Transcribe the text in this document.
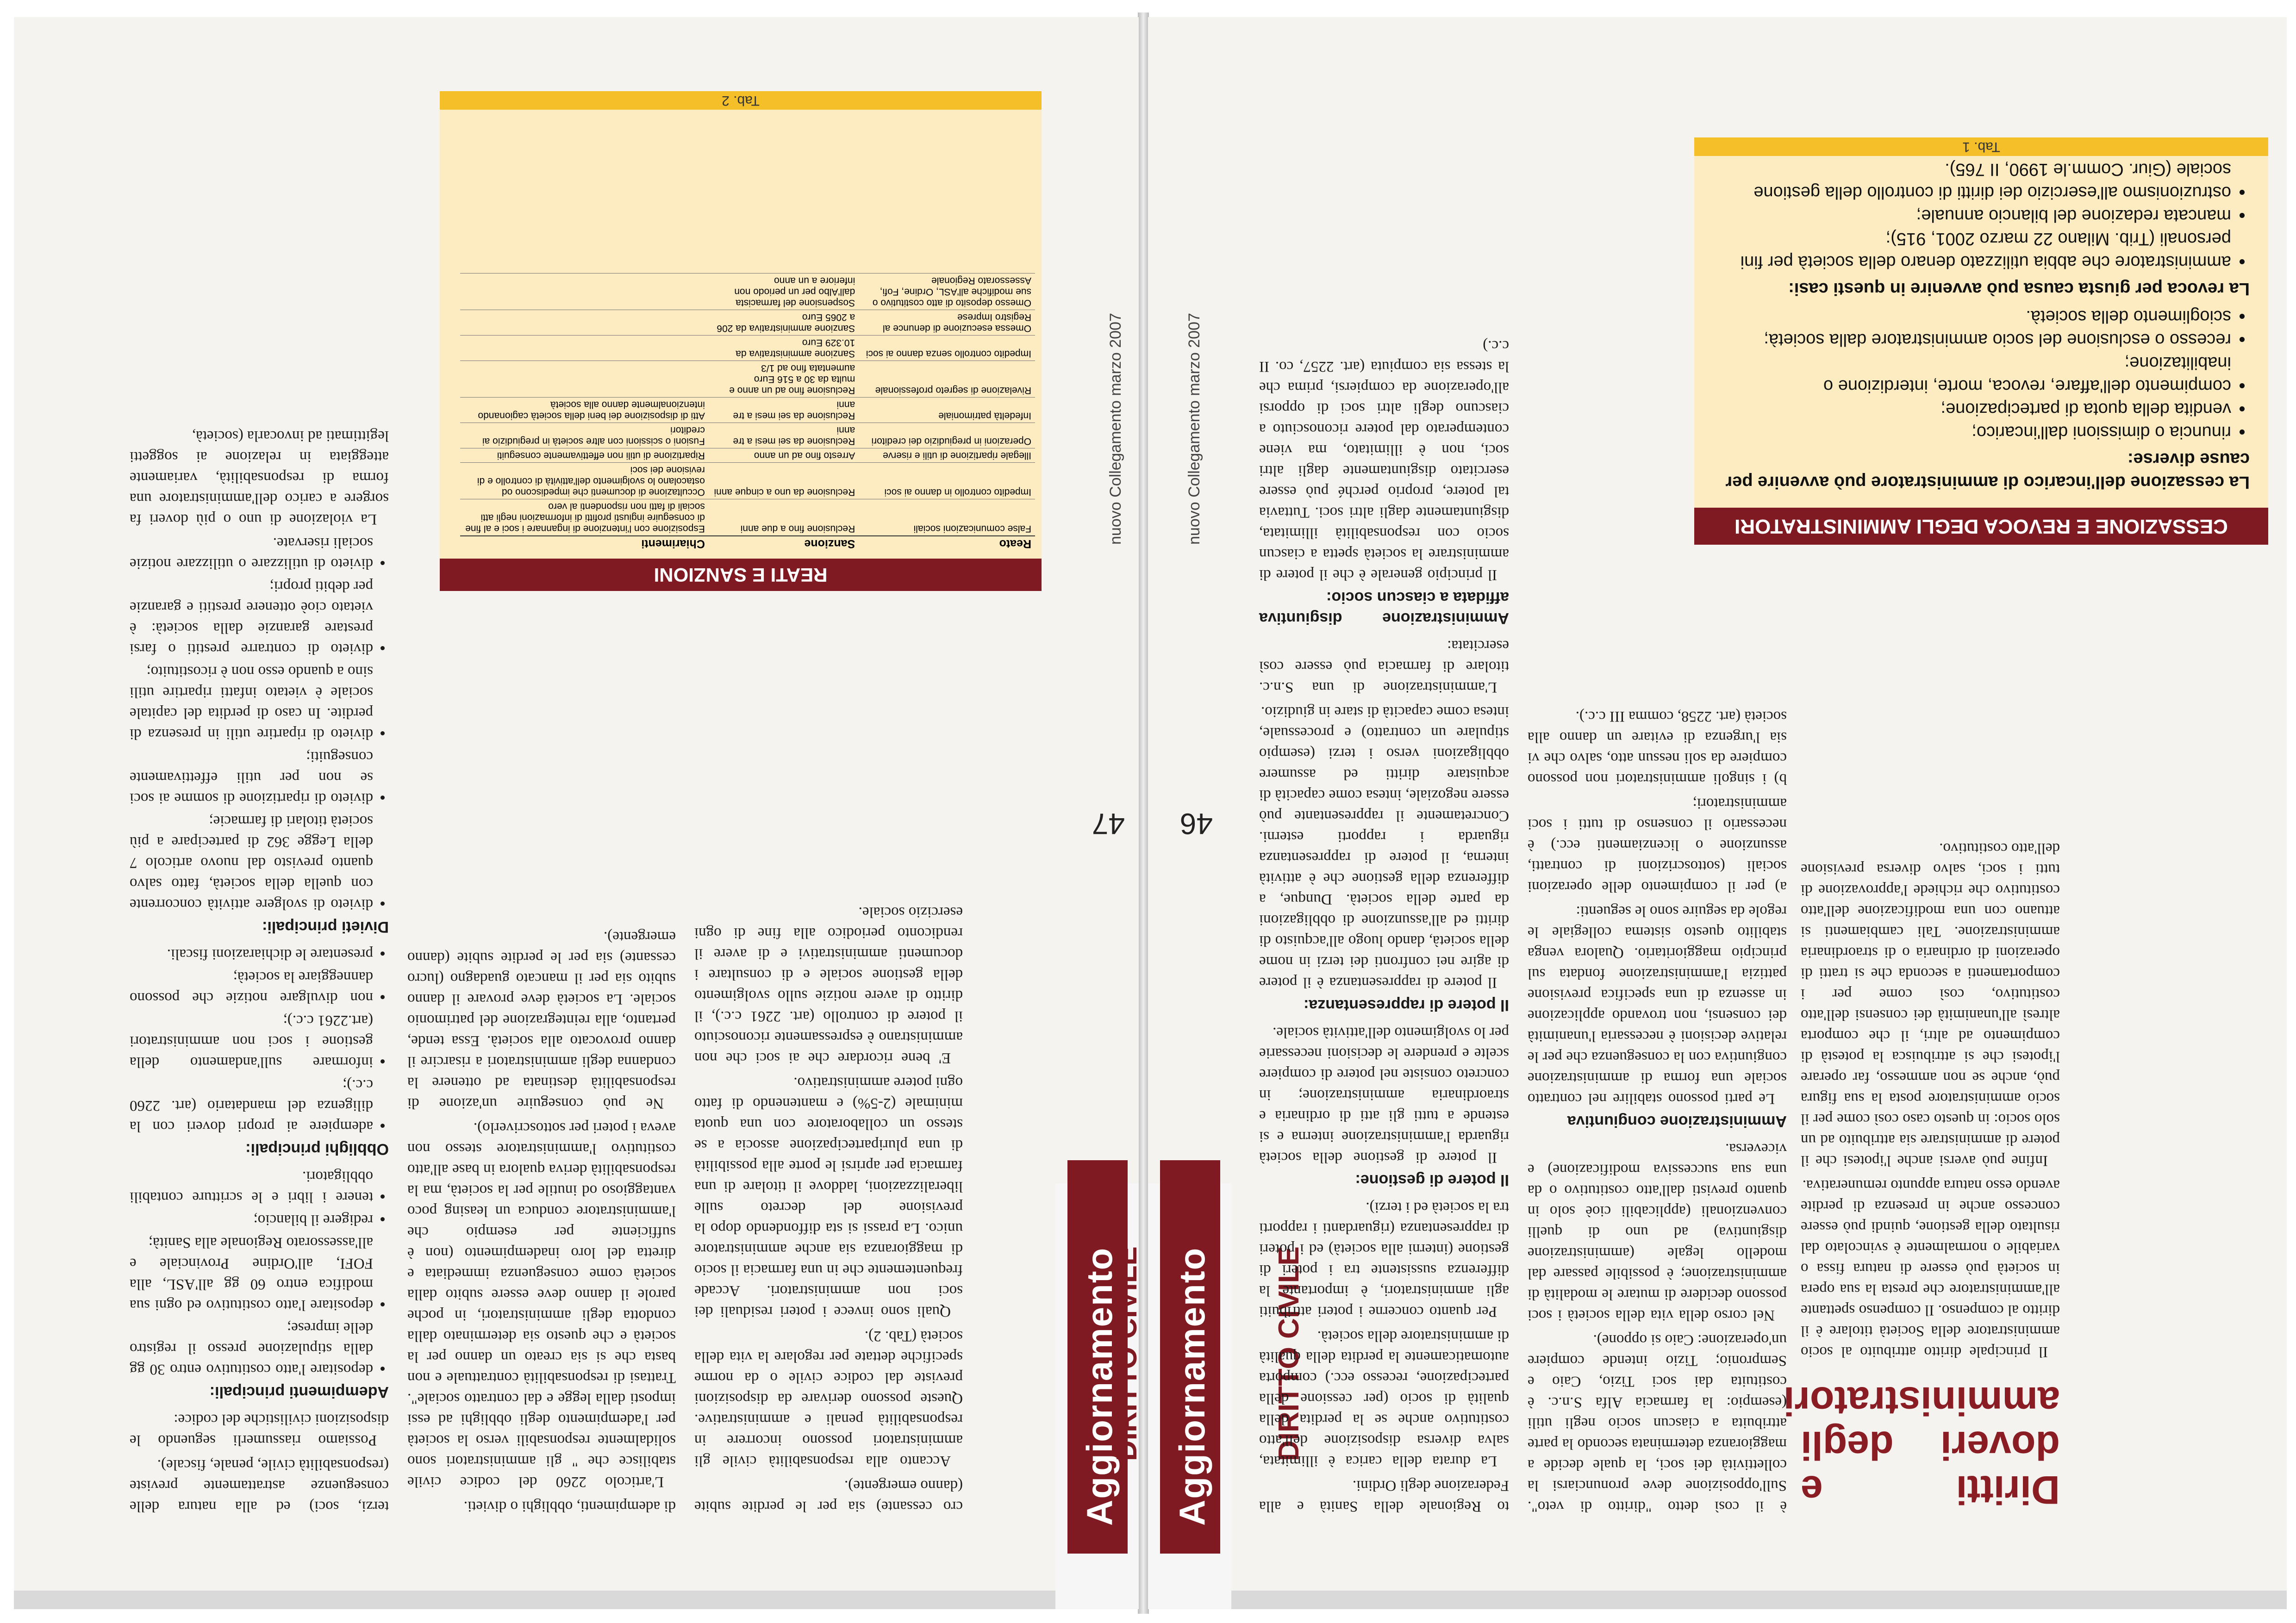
Aggiornamento	DIRITTO CIVILE
46
nuovo Collegamento marzo 2007

to Regionale della Sanità e alla Federazione degli Ordini.

La durata della carica è illimitata, salva diversa disposizione dell'atto costitutivo anche se la perdita della qualità di socio (per cessione della partecipazione, recesso ecc.) comporta automaticamente la perdita della qualità di amministratore della società.

Per quanto concerne i poteri attribuiti agli amministratori, è importante la differenza sussistente tra i poteri di gestione (interni alla società) ed i poteri di rappresentanza (riguardanti i rapporti tra la società ed i terzi).

Il potere di gestione:

Il potere di gestione della società riguarda l'amministrazione interna e si estende a tutti gli atti di ordinaria e straordinaria amministrazione; in concreto consiste nel potere di compiere scelte e prendere le decisioni necessarie per lo svolgimento dell'attività sociale.

Il potere di rappresentanza:

Il potere di rappresentanza è il potere di agire nei confronti dei terzi in nome della società, dando luogo all'acquisto di diritti ed all'assunzione di obbligazioni da parte della società. Dunque, a differenza della gestione che è attività interna, il potere di rappresentanza riguarda i rapporti esterni. Concretamente il rappresentante può essere negoziale, intesa come capacità di acquistare diritti ed assumere obbligazioni verso i terzi (esempio stipulare un contratto) e processuale, intesa come capacità di stare in giudizio.

L'amministrazione di una S.n.c. titolare di farmacia può essere così esercitata:

Amministrazione disgiuntiva affidata a ciascun socio:

Il principio generale è che il potere di amministrare la società spetta a ciascun socio con responsabilità illimitata, disgiuntamente dagli altri soci. Tuttavia tal potere, proprio perché può essere esercitato disgiuntamente dagli altri soci, non è illimitato, ma viene contemperato dal potere riconosciuto a ciascuno degli altri soci di opporsi all'operazione da compiersi, prima che la stessa sia compiuta (art. 2257, co. II c.c.)

è il così detto "diritto di veto". Sull'opposizione deve pronunciarsi la collettività dei soci, la quale decide a maggioranza determinata secondo la parte attribuita a ciascun socio negli utili (esempio: la farmacia Alfa S.n.c. è costituita dai soci Tizio, Caio e Sempronio; Tizio intende compiere un'operazione: Caio si oppone).

Nel corso della vita della società i soci possono decidere di mutare le modalità di amministrazione; è possibile passare dal modello legale (amministrazione disgiuntiva) ad uno di quelli convenzionali (applicabili cioè solo in quanto previsti dall'atto costitutivo o da una sua successiva modificazione) e viceversa.

Amministrazione congiuntiva

Le parti possono stabilire nel contratto sociale una forma di amministrazione congiuntiva con la conseguenza che per le relative decisioni è necessaria l'unanimità dei consensi, non trovando applicazione in assenza di una specifica previsione pattizia l'amministrazione fondata sul principio maggioritario. Qualora venga stabilito questo sistema collegiale le regole da seguire sono le seguenti:

a) per il compimento delle operazioni sociali (sottoscrizioni di contratti, assunzione o licenziamenti ecc.) è necessario il consenso di tutti i soci amministratori;

b) i singoli amministratori non possono compiere da soli nessun atto, salvo che vi sia l'urgenza di evitare un danno alla società (art. 2258, comma III c.c.).

Diritti e doveri degli amministratori

Il principale diritto attribuito al socio amministratore della Società titolare è il diritto al compenso. Il compenso spettante all'amministratore che presta la sua opera in società può essere di natura fissa o variabile o normalmente è svincolato dal risultato della gestione, quindi può essere concesso anche in presenza di perdite avendo esso natura appunto remunerativa.

Infine può aversi anche l'ipotesi che il potere di amministrare sia attribuito ad un solo socio: in questo caso così come per il socio amministratore posta la sua figura può, anche se non ammesso, far operare l'ipotesi che si attribuisca la potestà di compimento ad altri, il che comporta altresì all'unanimità dei consensi dell'atto costitutivo, così come per i comportamenti a seconda che si tratti di operazioni di ordinaria o di straordinaria amministrazione. Tali cambiamenti si attuano con una modificazione dell'atto costitutivo che richiede l'approvazione di tutti i soci, salvo diversa previsione dell'atto costitutivo.

CESSAZIONE E REVOCA DEGLI AMMINISTRATORI

La cessazione dell'incarico di amministratore può avvenire per cause diverse:

• rinuncia o dimissioni dall'incarico;
• vendita della quota di partecipazione;
• compimento dell'affare, revoca, morte, interdizione o inabilitazione;
• recesso o esclusione del socio amministratore dalla società;
• scioglimento della società.

La revoca per giusta causa può avvenire in questi casi:

• amministratore che abbia utilizzato denaro della società per fini personali (Trib. Milano 22 marzo 2001, 915);
• mancata redazione del bilancio annuale;
• ostruzionismo all'esercizio dei diritti di controllo della gestione sociale (Giur. Comm.le 1990, II 765).
Tab. 1
Aggiornamento
DIRITTO CIVILE
47
nuovo Collegamento marzo 2007

terzi, soci) ed alla natura delle conseguenze astrattamente previste (responsabilità civile, penale, fiscale).

Possiamo riassumerli seguendo le disposizioni civilistiche del codice:

Adempimenti principali:
• depositare l'atto costitutivo entro 30 gg dalla stipulazione presso il registro delle imprese;
• depositare l'atto costitutivo ed ogni sua modifica entro 60 gg all'ASL, alla FOFI, all'Ordine Provinciale e all'assessorato Regionale alla Sanità;
• redigere il bilancio;
• tenere i libri e le scritture contabili obbligatori.
Obblighi principali:
• adempiere ai propri doveri con la diligenza del mandatario (art. 2260 c.c.);
• informare sull'andamento della gestione i soci non amministratori (art.2261 c.c.);
• non divulgare notizie che possono danneggiare la società;
• presentare le dichiarazioni fiscali.
Divieti principali:
• divieto di svolgere attività concorrente con quella della società, fatto salvo quanto previsto dal nuovo articolo 7 della Legge 362 di partecipare a più società titolari di farmacie;
• divieto di ripartizione di somme ai soci se non per utili effettivamente conseguiti;
• divieto di ripartire utili in presenza di perdite. In caso di perdita del capitale sociale è vietato infatti ripartire utili sino a quando esso non è ricostituito;
• divieto di contrarre prestiti o farsi prestare garanzie dalla società: è vietato cioè ottenere prestiti e garanzie per debiti propri;
• divieto di utilizzare o utilizzare notizie sociali riservate.

La violazione di uno o più doveri fa sorgere a carico dell'amministratore una forma di responsabilità, variamente atteggiata in relazione ai soggetti legittimati ad invocarla (società,

di adempimenti, obblighi o divieti.

L'articolo 2260 del codice civile stabilisce che " gli amministratori sono solidalmente responsabili verso la società per l'adempimento degli obblighi ad essi imposti dalla legge e dal contratto sociale". Trattasi di responsabilità contrattuale e non basta che si sia creato un danno per la società e che questo sia determinato dalla condotta degli amministratori, in poche parole il danno deve essere subito dalla società come conseguenza immediata e diretta del loro inadempimento (non è sufficiente per esempio che l'amministratore conduca un leasing poco vantaggioso od inutile per la società, ma la responsabilità deriva qualora in base all'atto costitutivo l'amministratore stesso non aveva i poteri per sottoscriverlo).

Ne può conseguire un'azione di responsabilità destinata ad ottenere la condanna degli amministratori a risarcire il danno provocato alla società. Essa tende, pertanto, alla reintegrazione del patrimonio sociale. La società deve provare il danno subito sia per il mancato guadagno (lucro cessante) sia per le perdite subite (danno emergente).

cro cessante) sia per le perdite subite (danno emergente).

Accanto alla responsabilità civile gli amministratori possono incorrere in responsabilità penali e amministrative. Queste possono derivare da disposizioni previste dal codice civile o da norme specifiche dettate per regolare la vita della società (Tab. 2).

Quali sono invece i poteri residuali dei soci non amministratori. Accade frequentemente che in una farmacia il socio di maggioranza sia anche amministratore unico. La prassi si sta diffondendo dopo la previsione del decreto sulle liberalizzazioni, laddove il titolare di una farmacia per aprirsi le porte alla possibilità di una pluripartecipazione associa a se stesso un collaboratore con una quota minimale (2-5%) e mantenendo di fatto ogni potere amministrativo.

E' bene ricordare che ai soci che non amministrano è espressamente riconosciuto il potere di controllo (art. 2261 c.c.), il diritto di avere notizie sullo svolgimento della gestione sociale e di consultare i documenti amministrativi e di avere il rendiconto periodico alla fine di ogni esercizio sociale.

REATI E SANZIONI
Reato	Sanzione	Chiarimenti
False comunicazioni sociali	Reclusione fino a due anni	Esposizione con l'intenzione di ingannare i soci e al fine di conseguire ingiusti profitti di informazioni negli atti sociali di fatti non rispondenti al vero
Impedito controllo in danno ai soci	Reclusione da uno a cinque anni	Occultazione di documenti che impediscono od ostacolano lo svolgimento dell'attività di controllo e di revisione dei soci
Illegale ripartizione di utili e riserve	Arresto fino ad un anno	Ripartizione di utili non effettivamente conseguiti
Operazioni in pregiudizio dei creditori	Reclusione da sei mesi a tre anni	Fusioni o scissioni con altre società in pregiudizio ai creditori
Infedeltà patrimoniale	Reclusione da sei mesi a tre anni	Atti di disposizione dei beni della società cagionando intenzionalmente danno alla società
Rivelazione di segreto professionale	Reclusione fino ad un anno e multa da 30 a 516 Euro aumentata fino ad 1/3	
Impedito controllo senza danno ai soci	Sanzione amministrativa da 10.329 Euro	
Omessa esecuzione di denunce al Registro Imprese	Sanzione amministrativa da 206 a 2065 Euro	
Omesso deposito di atto costitutivo o sue modifiche all'ASL, Ordine, Fofi, Assessorato Regionale	Sospensione del farmacista dall'Albo per un periodo non inferiore a un anno	
Tab. 2
